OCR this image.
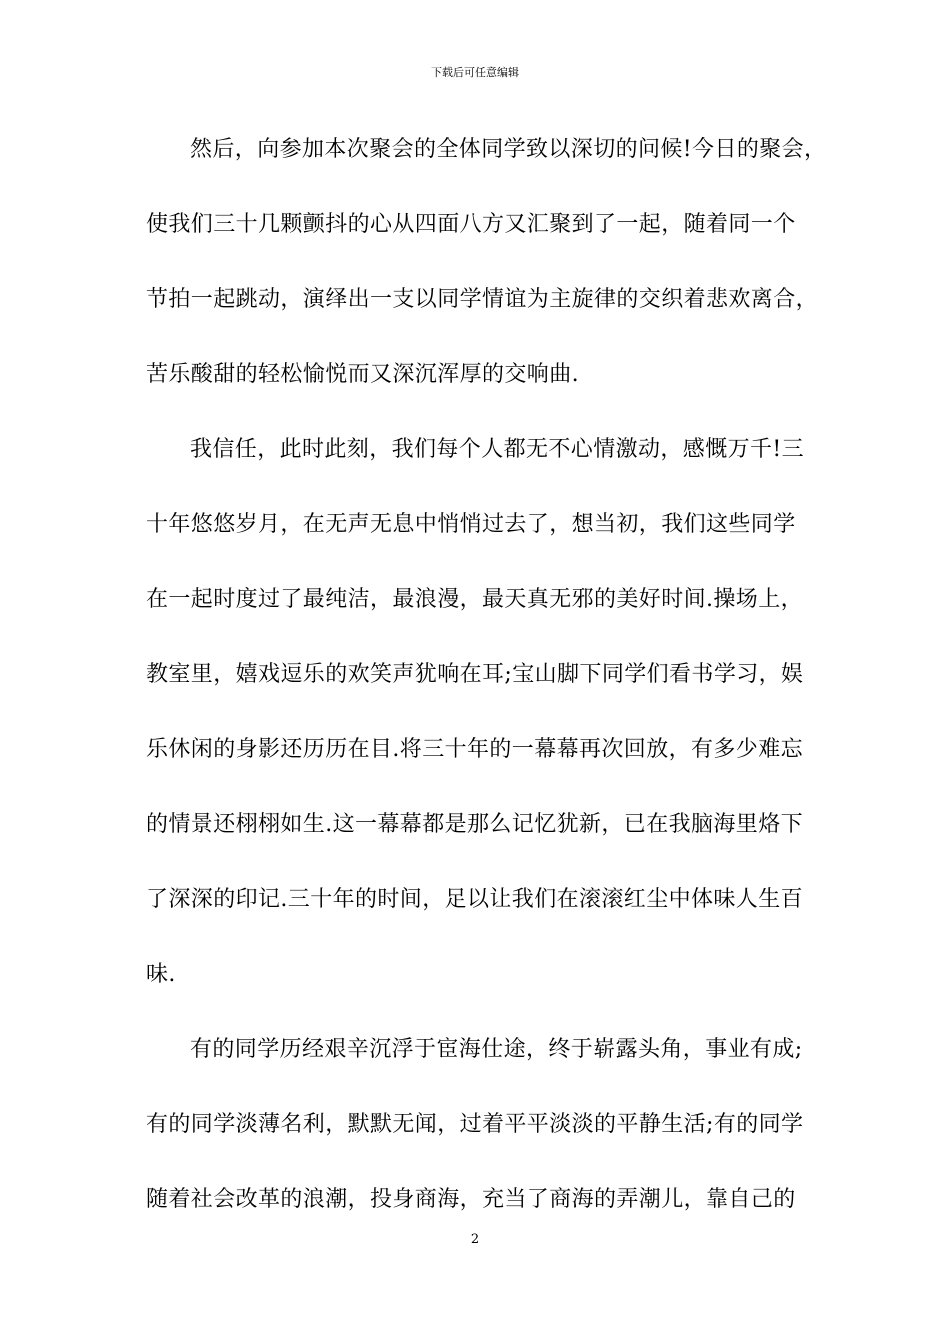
下载后可任意编辑
然后，向参加本次聚会的全体同学致以深切的问候!今日的聚会，
使我们三十几颗颤抖的心从四面八方又汇聚到了一起，随着同一个
节拍一起跳动，演绎出一支以同学情谊为主旋律的交织着悲欢离合，
苦乐酸甜的轻松愉悦而又深沉浑厚的交响曲.
我信任，此时此刻，我们每个人都无不心情激动，感慨万千!三
十年悠悠岁月，在无声无息中悄悄过去了，想当初，我们这些同学
在一起时度过了最纯洁，最浪漫，最天真无邪的美好时间.操场上，
教室里，嬉戏逗乐的欢笑声犹响在耳;宝山脚下同学们看书学习，娱
乐休闲的身影还历历在目.将三十年的一幕幕再次回放，有多少难忘
的情景还栩栩如生.这一幕幕都是那么记忆犹新，已在我脑海里烙下
了深深的印记.三十年的时间，足以让我们在滚滚红尘中体味人生百
味.
有的同学历经艰辛沉浮于宦海仕途，终于崭露头角，事业有成;
有的同学淡薄名利，默默无闻，过着平平淡淡的平静生活;有的同学
随着社会改革的浪潮，投身商海，充当了商海的弄潮儿，靠自己的
2
